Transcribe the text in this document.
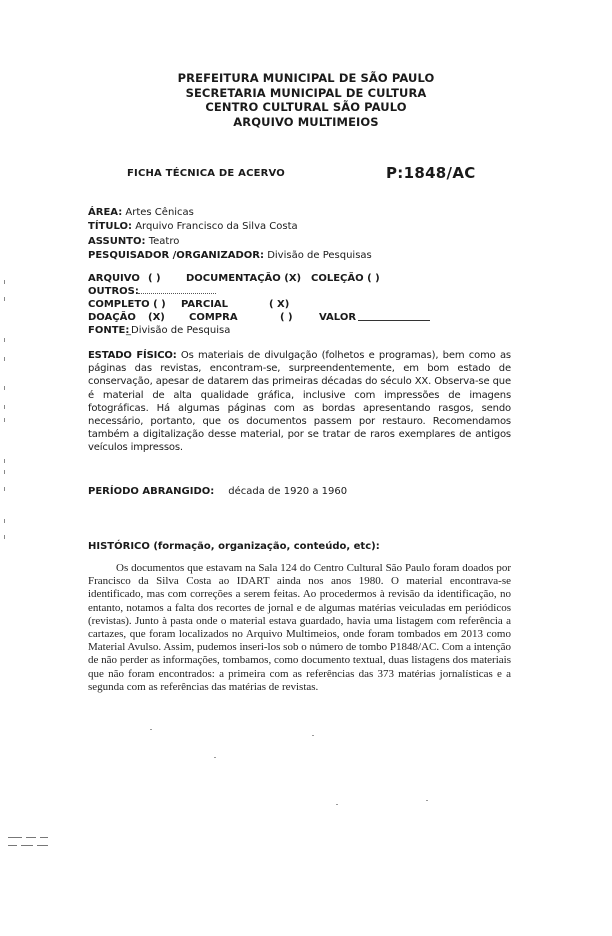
PREFEITURA MUNICIPAL DE SÃO PAULO
SECRETARIA MUNICIPAL DE CULTURA
CENTRO CULTURAL SÃO PAULO
ARQUIVO MULTIMEIOS
FICHA TÉCNICA DE ACERVO	P:1848/AC
ÁREA: Artes Cênicas
TÍTULO: Arquivo Francisco da Silva Costa
ASSUNTO: Teatro
PESQUISADOR /ORGANIZADOR: Divisão de Pesquisas
ARQUIVO ( )	DOCUMENTAÇÃO (X) COLEÇÃO ( )
OUTROS:
COMPLETO ( ) PARCIAL	( X)
DOAÇÃO (X) COMPRA	( )	VALOR
FONTE:
_Divisão de Pesquisa
ESTADO FÍSICO: Os materiais de divulgação (folhetos e programas), bem como as páginas das revistas, encontram-se, surpreendentemente, em bom estado de conservação, apesar de datarem das primeiras décadas do século XX. Observa-se que é material de alta qualidade gráfica, inclusive com impressões de imagens fotográficas. Há algumas páginas com as bordas apresentando rasgos, sendo necessário, portanto, que os documentos passem por restauro. Recomendamos também a digitalização desse material, por se tratar de raros exemplares de antigos veículos impressos.
PERÍODO ABRANGIDO: década de 1920 a 1960
HISTÓRICO (formação, organização, conteúdo, etc):
Os documentos que estavam na Sala 124 do Centro Cultural São Paulo foram doados por Francisco da Silva Costa ao IDART ainda nos anos 1980. O material encontrava-se identificado, mas com correções a serem feitas. Ao procedermos à revisão da identificação, no entanto, notamos a falta dos recortes de jornal e de algumas matérias veiculadas em periódicos (revistas). Junto à pasta onde o material estava guardado, havia uma listagem com referência a cartazes, que foram localizados no Arquivo Multimeios, onde foram tombados em 2013 como Material Avulso. Assim, pudemos inseri-los sob o número de tombo P1848/AC. Com a intenção de não perder as informações, tombamos, como documento textual, duas listagens dos materiais que não foram encontrados: a primeira com as referências das 373 matérias jornalísticas e a segunda com as referências das matérias de revistas.
